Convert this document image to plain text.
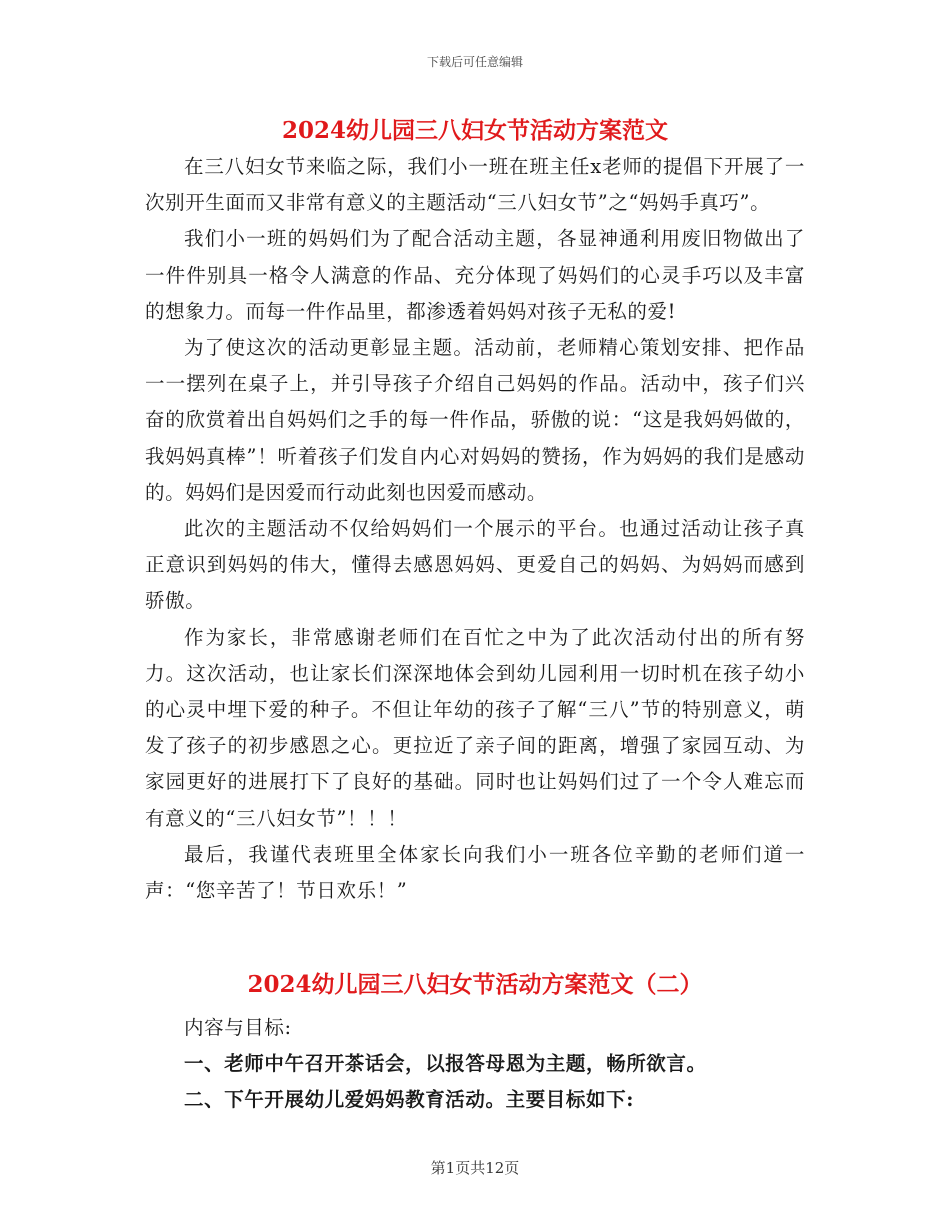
下载后可任意编辑
2024幼儿园三八妇女节活动方案范文

在三八妇女节来临之际，我们小一班在班主任x老师的提倡下开展了一次别开生面而又非常有意义的主题活动“三八妇女节”之“妈妈手真巧”。

我们小一班的妈妈们为了配合活动主题，各显神通利用废旧物做出了一件件别具一格令人满意的作品、充分体现了妈妈们的心灵手巧以及丰富的想象力。而每一件作品里，都渗透着妈妈对孩子无私的爱!

为了使这次的活动更彰显主题。活动前，老师精心策划安排、把作品一一摆列在桌子上，并引导孩子介绍自己妈妈的作品。活动中，孩子们兴奋的欣赏着出自妈妈们之手的每一件作品，骄傲的说：“这是我妈妈做的，我妈妈真棒”！听着孩子们发自内心对妈妈的赞扬，作为妈妈的我们是感动的。妈妈们是因爱而行动此刻也因爱而感动。

此次的主题活动不仅给妈妈们一个展示的平台。也通过活动让孩子真正意识到妈妈的伟大，懂得去感恩妈妈、更爱自己的妈妈、为妈妈而感到骄傲。

作为家长，非常感谢老师们在百忙之中为了此次活动付出的所有努力。这次活动，也让家长们深深地体会到幼儿园利用一切时机在孩子幼小的心灵中埋下爱的种子。不但让年幼的孩子了解“三八”节的特别意义，萌发了孩子的初步感恩之心。更拉近了亲子间的距离，增强了家园互动、为家园更好的进展打下了良好的基础。同时也让妈妈们过了一个令人难忘而有意义的“三八妇女节”！！！

最后，我谨代表班里全体家长向我们小一班各位辛勤的老师们道一声：“您辛苦了！节日欢乐！”

2024幼儿园三八妇女节活动方案范文（二）

内容与目标:

一、老师中午召开茶话会，以报答母恩为主题，畅所欲言。

二、下午开展幼儿爱妈妈教育活动。主要目标如下:

第1页共12页
